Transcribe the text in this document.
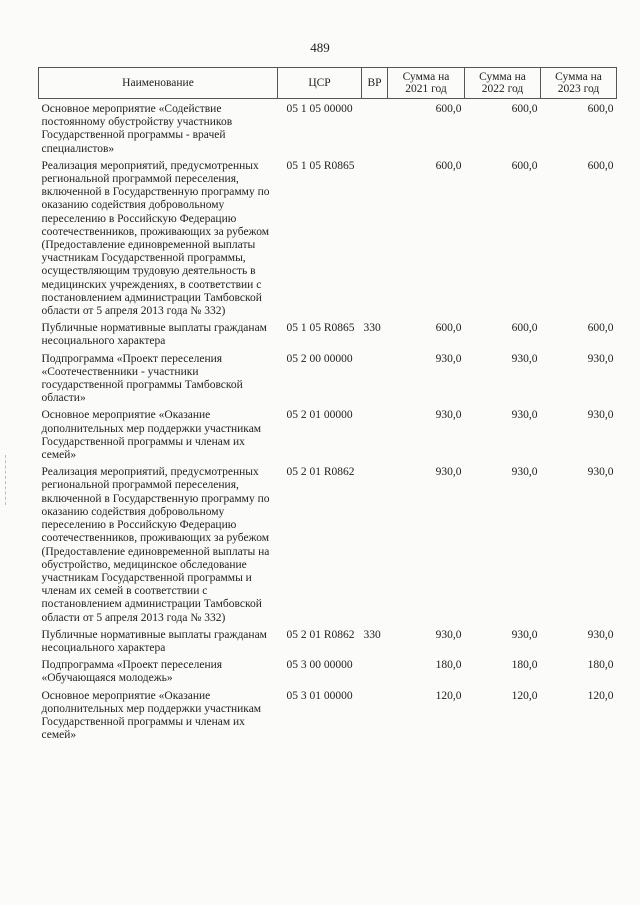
489
Наименование	ЦСР	ВР	Сумма на 2021 год	Сумма на 2022 год	Сумма на 2023 год
Основное мероприятие «Содействие постоянному обустройству участников Государственной программы - врачей специалистов»	05 1 05 00000		600,0	600,0	600,0
Реализация мероприятий, предусмотренных региональной программой переселения, включенной в Государственную программу по оказанию содействия добровольному переселению в Российскую Федерацию соотечественников, проживающих за рубежом (Предоставление единовременной выплаты участникам Государственной программы, осуществляющим трудовую деятельность в медицинских учреждениях, в соответствии с постановлением администрации Тамбовской области от 5 апреля 2013 года № 332)	05 1 05 R0865		600,0	600,0	600,0
Публичные нормативные выплаты гражданам несоциального характера	05 1 05 R0865	330	600,0	600,0	600,0
Подпрограмма «Проект переселения «Соотечественники - участники государственной программы Тамбовской области»	05 2 00 00000		930,0	930,0	930,0
Основное мероприятие «Оказание дополнительных мер поддержки участникам Государственной программы и членам их семей»	05 2 01 00000		930,0	930,0	930,0
Реализация мероприятий, предусмотренных региональной программой переселения, включенной в Государственную программу по оказанию содействия добровольному переселению в Российскую Федерацию соотечественников, проживающих за рубежом (Предоставление единовременной выплаты на обустройство, медицинское обследование участникам Государственной программы и членам их семей в соответствии с постановлением администрации Тамбовской области от 5 апреля 2013 года № 332)	05 2 01 R0862		930,0	930,0	930,0
Публичные нормативные выплаты гражданам несоциального характера	05 2 01 R0862	330	930,0	930,0	930,0
Подпрограмма «Проект переселения «Обучающаяся молодежь»	05 3 00 00000		180,0	180,0	180,0
Основное мероприятие «Оказание дополнительных мер поддержки участникам Государственной программы и членам их семей»	05 3 01 00000		120,0	120,0	120,0
